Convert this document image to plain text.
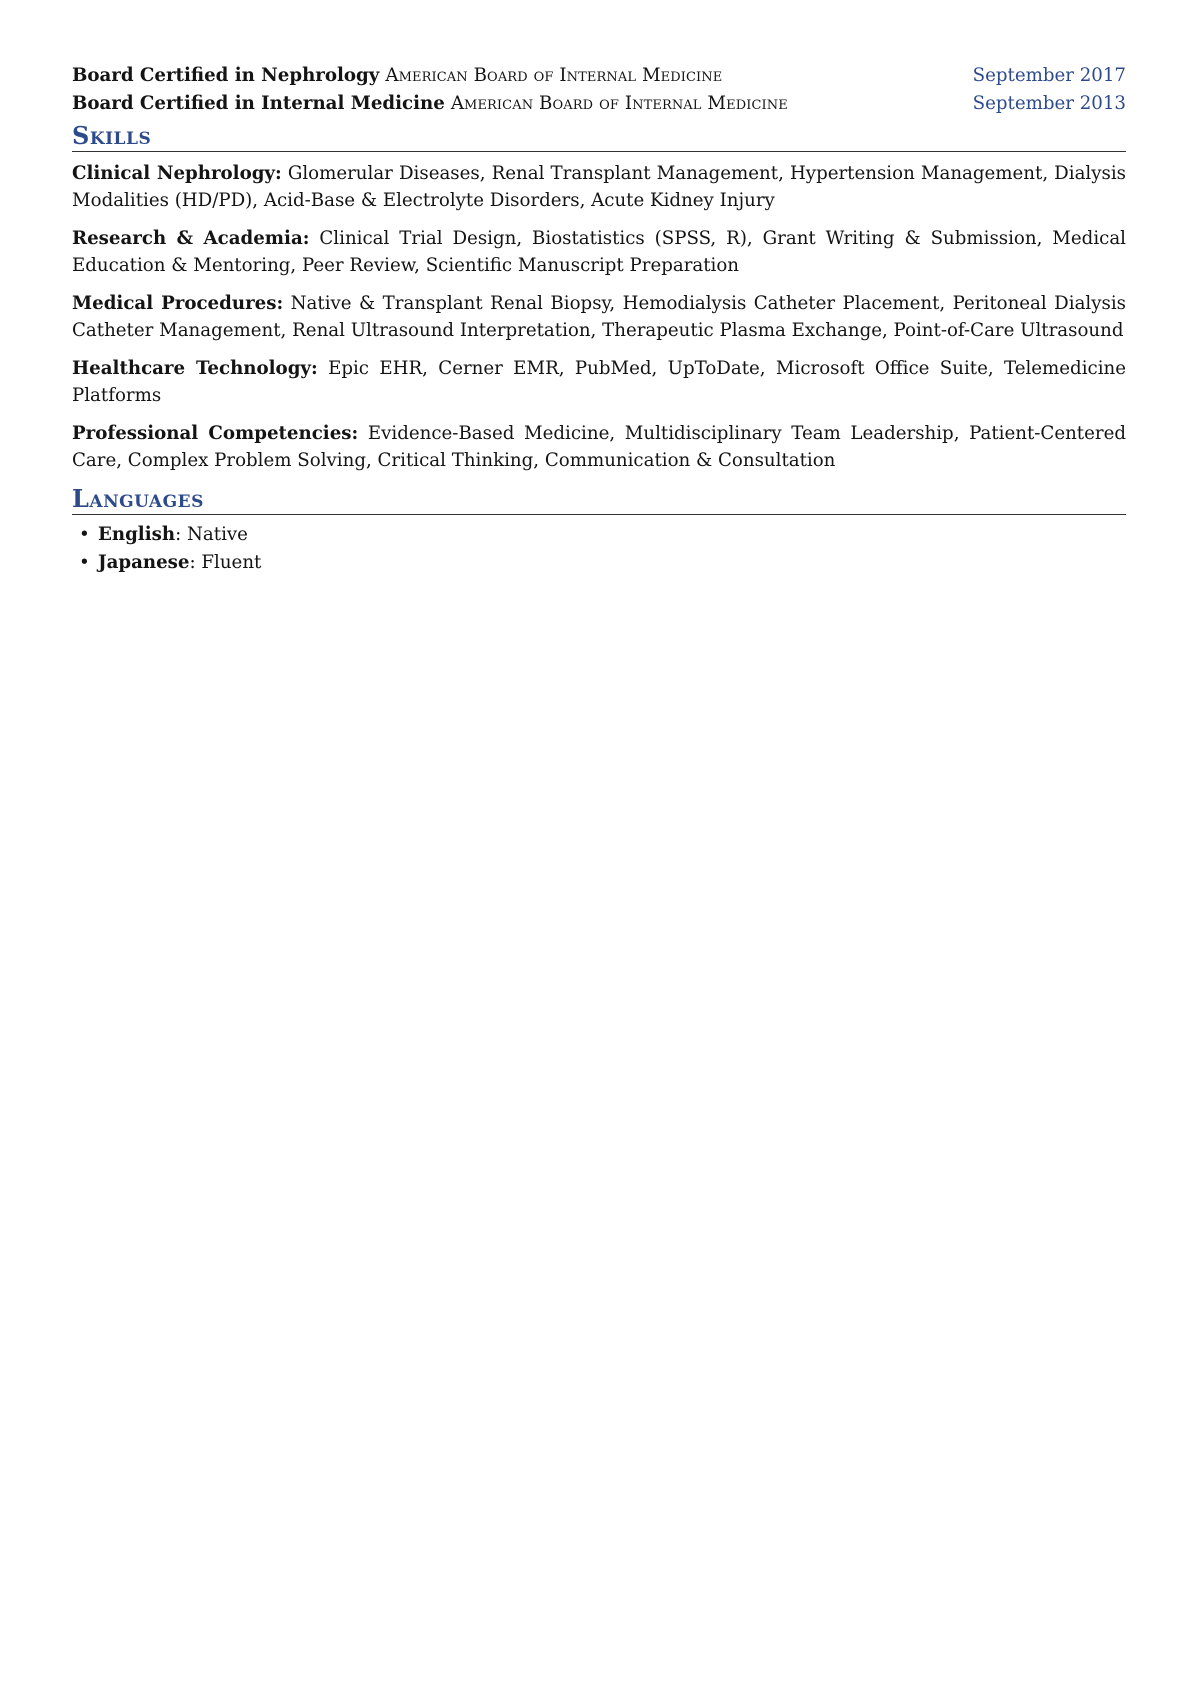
Board Certified in Nephrology American Board of Internal Medicine	September 2017
Board Certified in Internal Medicine American Board of Internal Medicine	September 2013
Skills
Clinical Nephrology: Glomerular Diseases, Renal Transplant Management, Hypertension Management, Dialysis Modalities (HD/PD), Acid-Base & Electrolyte Disorders, Acute Kidney Injury
Research & Academia: Clinical Trial Design, Biostatistics (SPSS, R), Grant Writing & Submission, Medical Education & Mentoring, Peer Review, Scientific Manuscript Preparation
Medical Procedures: Native & Transplant Renal Biopsy, Hemodialysis Catheter Placement, Peritoneal Dialysis Catheter Management, Renal Ultrasound Interpretation, Therapeutic Plasma Exchange, Point-of-Care Ultrasound
Healthcare Technology: Epic EHR, Cerner EMR, PubMed, UpToDate, Microsoft Office Suite, Telemedicine Platforms
Professional Competencies: Evidence-Based Medicine, Multidisciplinary Team Leadership, Patient-Centered Care, Complex Problem Solving, Critical Thinking, Communication & Consultation
Languages
• English: Native
• Japanese: Fluent
